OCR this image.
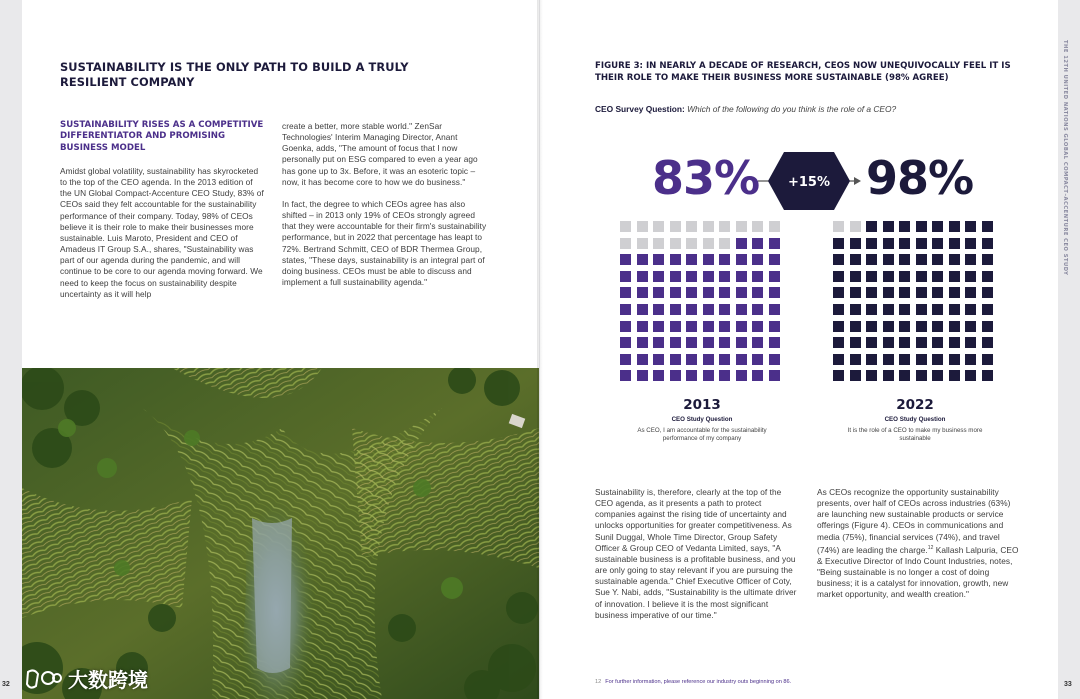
SUSTAINABILITY IS THE ONLY PATH TO BUILD A TRULY RESILIENT COMPANY
SUSTAINABILITY RISES AS A COMPETITIVE DIFFERENTIATOR AND PROMISING BUSINESS MODEL

Amidst global volatility, sustainability has skyrocketed to the top of the CEO agenda. In the 2013 edition of the UN Global Compact-Accenture CEO Study, 83% of CEOs said they felt accountable for the sustainability performance of their company. Today, 98% of CEOs believe it is their role to make their businesses more sustainable. Luis Maroto, President and CEO of Amadeus IT Group S.A., shares, "Sustainability was part of our agenda during the pandemic, and will continue to be core to our agenda moving forward. We need to keep the focus on sustainability despite uncertainty as it will help

create a better, more stable world." ZenSar Technologies' Interim Managing Director, Anant Goenka, adds, "The amount of focus that I now personally put on ESG compared to even a year ago has gone up to 3x. Before, it was an esoteric topic – now, it has become core to how we do business."

In fact, the degree to which CEOs agree has also shifted – in 2013 only 19% of CEOs strongly agreed that they were accountable for their firm's sustainability performance, but in 2022 that percentage has leapt to 72%. Bertrand Schmitt, CEO of BDR Thermea Group, states, "These days, sustainability is an integral part of doing business. CEOs must be able to discuss and implement a full sustainability agenda."

大数跨境
32
FIGURE 3: IN NEARLY A DECADE OF RESEARCH, CEOS NOW UNEQUIVOCALLY FEEL IT IS THEIR ROLE TO MAKE THEIR BUSINESS MORE SUSTAINABLE (98% AGREE)
CEO Survey Question: Which of the following do you think is the role of a CEO?
83% +15% 98%
2013
CEO Study Question
As CEO, I am accountable for the sustainability performance of my company
2022
CEO Study Question
It is the role of a CEO to make my business more sustainable

Sustainability is, therefore, clearly at the top of the CEO agenda, as it presents a path to protect companies against the rising tide of uncertainty and unlocks opportunities for greater competitiveness. As Sunil Duggal, Whole Time Director, Group Safety Officer & Group CEO of Vedanta Limited, says, "A sustainable business is a profitable business, and you are only going to stay relevant if you are pursuing the sustainable agenda." Chief Executive Officer of Coty, Sue Y. Nabi, adds, "Sustainability is the ultimate driver of innovation. I believe it is the most significant business imperative of our time."

As CEOs recognize the opportunity sustainability presents, over half of CEOs across industries (63%) are launching new sustainable products or service offerings (Figure 4). CEOs in communications and media (75%), financial services (74%), and travel (74%) are leading the charge.$^{12}$ Kallash Lalpuria, CEO & Executive Director of Indo Count Industries, notes, "Being sustainable is no longer a cost of doing business; it is a catalyst for innovation, growth, new market opportunity, and wealth creation."

12 For further information, please reference our industry outs beginning on 86.	33
THE 12TH UNITED NATIONS GLOBAL COMPACT–ACCENTURE CEO STUDY
